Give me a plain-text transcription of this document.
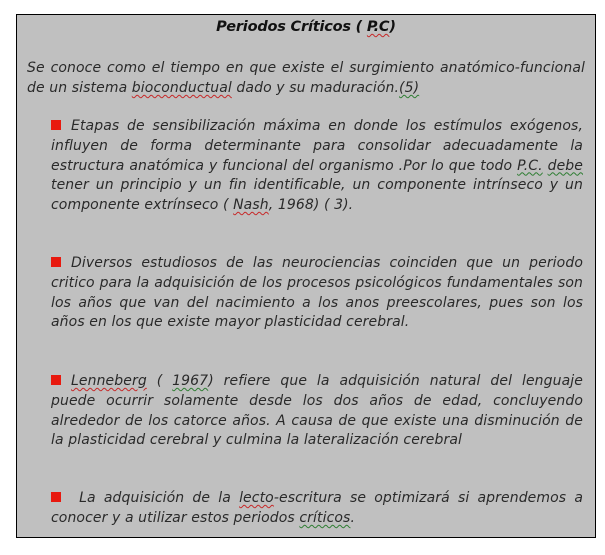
Periodos Críticos ( P.C)
Se conoce como el tiempo en que existe el surgimiento anatómico-funcional de un sistema bioconductual dado y su maduración.(5)
Etapas de sensibilización máxima en donde los estímulos exógenos, influyen de forma determinante para consolidar adecuadamente la estructura anatómica y funcional del organismo .Por lo que todo P.C. debe tener un principio y un fin identificable, un componente intrínseco y un componente extrínseco ( Nash, 1968) ( 3).
Diversos estudiosos de las neurociencias coinciden que un periodo critico para la adquisición de los procesos psicológicos fundamentales son los años que van del nacimiento a los anos preescolares, pues son los años en los que existe mayor plasticidad cerebral.
Lenneberg ( 1967) refiere que la adquisición natural del lenguaje puede ocurrir solamente desde los dos años de edad, concluyendo alrededor de los catorce años. A causa de que existe una disminución de la plasticidad cerebral y culmina la lateralización cerebral
La adquisición de la lecto-escritura se optimizará si aprendemos a conocer y a utilizar estos periodos críticos.
